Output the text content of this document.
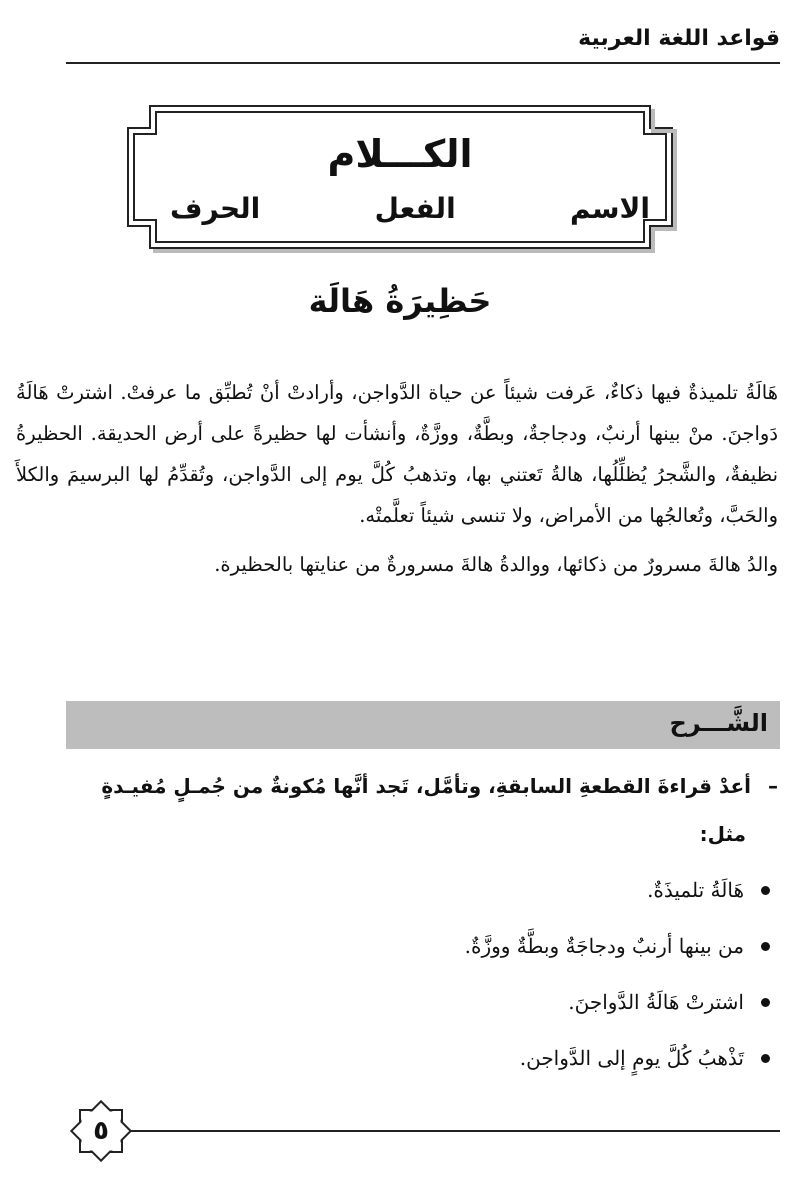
قواعد اللغة العربية
الكـــلام
الاسم
الفعل
الحرف
حَظِيرَةُ هَالَة

هَالَةُ تلميذةٌ فيها ذكاءٌ، عَرفت شيئاً عن حياة الدَّواجن، وأرادتْ أنْ تُطبِّق ما عرفتْ. اشترتْ هَالَةُ دَواجنَ. منْ بينها أرنبٌ، ودجاجةٌ، وبطَّةٌ، ووزَّةٌ، وأنشأت لها حظيرةً على أرض الحديقة. الحظيرةُ نظيفةٌ، والشَّجرُ يُظلِّلُها، هالةُ تَعتني بها، وتذهبُ كُلَّ يوم إلى الدَّواجن، وتُقدِّمُ لها البرسيمَ والكلأَ والحَبَّ، وتُعالجُها من الأمراض، ولا تنسى شيئاً تعلَّمتْه.

والدُ هالةَ مسرورٌ من ذكائها، ووالدةُ هالةَ مسرورةٌ من عنايتها بالحظيرة.

الشَّـــرح
– أعدْ قراءةَ القطعةِ السابقةِ، وتأمَّل، تَجد أنَّها مُكونةٌ من جُمـلٍ مُفيـدةٍ
مثل:
هَالَةُ تلميذَةٌ.
من بينها أرنبٌ ودجاجَةٌ وبطَّةٌ ووزَّةٌ.
اشترتْ هَالَةُ الدَّواجنَ.
تَذْهبُ كُلَّ يومٍ إلى الدَّواجن.
٥
